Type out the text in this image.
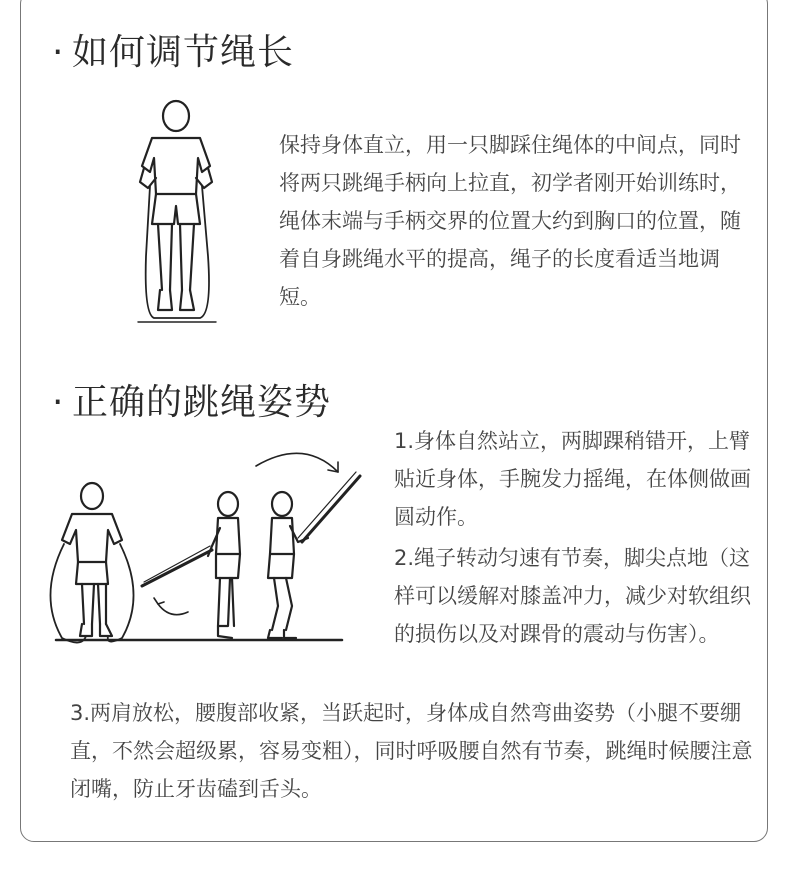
· 如何调节绳长
保持身体直立，用一只脚踩住绳体的中间点，同时将两只跳绳手柄向上拉直，初学者刚开始训练时，绳体末端与手柄交界的位置大约到胸口的位置，随着自身跳绳水平的提高，绳子的长度看适当地调短。
· 正确的跳绳姿势
1.身体自然站立，两脚踝稍错开，上臂贴近身体，手腕发力摇绳，在体侧做画圆动作。
2.绳子转动匀速有节奏，脚尖点地（这样可以缓解对膝盖冲力，减少对软组织的损伤以及对踝骨的震动与伤害）。
3.两肩放松，腰腹部收紧，当跃起时，身体成自然弯曲姿势（小腿不要绷直，不然会超级累，容易变粗），同时呼吸腰自然有节奏，跳绳时候腰注意闭嘴，防止牙齿磕到舌头。
